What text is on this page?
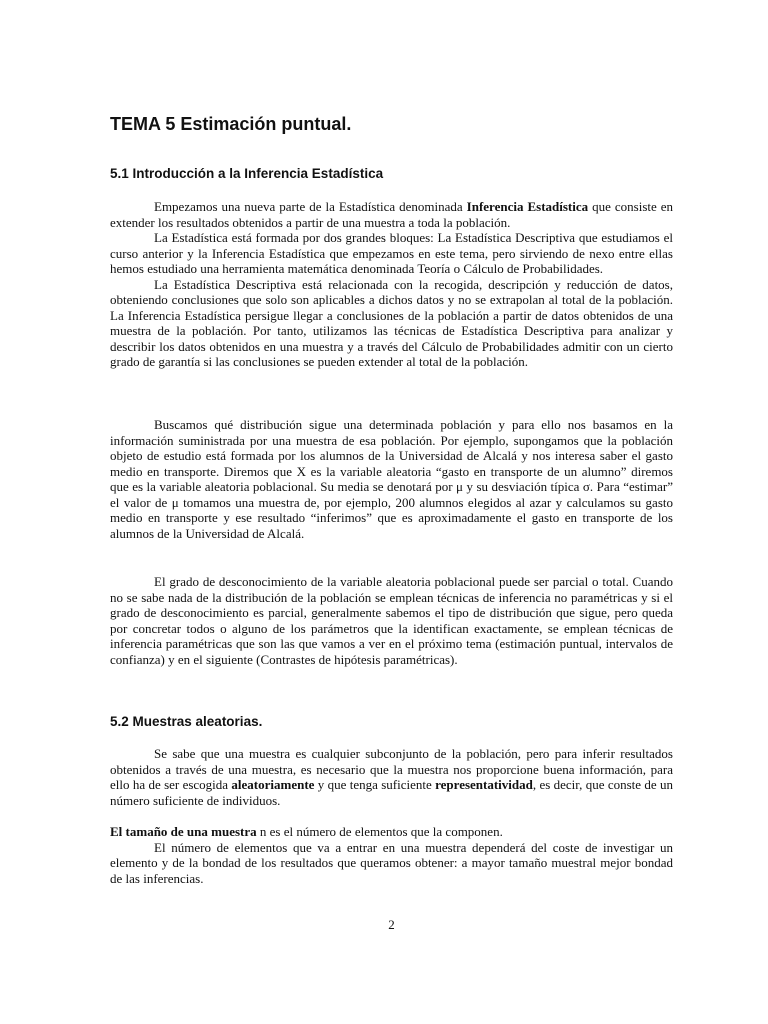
TEMA 5 Estimación puntual.
5.1 Introducción a la Inferencia Estadística

Empezamos una nueva parte de la Estadística denominada Inferencia Estadística que consiste en extender los resultados obtenidos a partir de una muestra a toda la población.

La Estadística está formada por dos grandes bloques: La Estadística Descriptiva que estudiamos el curso anterior y la Inferencia Estadística que empezamos en este tema, pero sirviendo de nexo entre ellas hemos estudiado una herramienta matemática denominada Teoría o Cálculo de Probabilidades.

La Estadística Descriptiva está relacionada con la recogida, descripción y reducción de datos, obteniendo conclusiones que solo son aplicables a dichos datos y no se extrapolan al total de la población. La Inferencia Estadística persigue llegar a conclusiones de la población a partir de datos obtenidos de una muestra de la población. Por tanto, utilizamos las técnicas de Estadística Descriptiva para analizar y describir los datos obtenidos en una muestra y a través del Cálculo de Probabilidades admitir con un cierto grado de garantía si las conclusiones se pueden extender al total de la población.

Buscamos qué distribución sigue una determinada población y para ello nos basamos en la información suministrada por una muestra de esa población. Por ejemplo, supongamos que la población objeto de estudio está formada por los alumnos de la Universidad de Alcalá y nos interesa saber el gasto medio en transporte. Diremos que X es la variable aleatoria “gasto en transporte de un alumno” diremos que es la variable aleatoria poblacional. Su media se denotará por μ y su desviación típica σ. Para “estimar” el valor de μ tomamos una muestra de, por ejemplo, 200 alumnos elegidos al azar y calculamos su gasto medio en transporte y ese resultado “inferimos” que es aproximadamente el gasto en transporte de los alumnos de la Universidad de Alcalá.

El grado de desconocimiento de la variable aleatoria poblacional puede ser parcial o total. Cuando no se sabe nada de la distribución de la población se emplean técnicas de inferencia no paramétricas y si el grado de desconocimiento es parcial, generalmente sabemos el tipo de distribución que sigue, pero queda por concretar todos o alguno de los parámetros que la identifican exactamente, se emplean técnicas de inferencia paramétricas que son las que vamos a ver en el próximo tema (estimación puntual, intervalos de confianza) y en el siguiente (Contrastes de hipótesis paramétricas).

5.2 Muestras aleatorias.

Se sabe que una muestra es cualquier subconjunto de la población, pero para inferir resultados obtenidos a través de una muestra, es necesario que la muestra nos proporcione buena información, para ello ha de ser escogida aleatoriamente y que tenga suficiente representatividad, es decir, que conste de un número suficiente de individuos.

El tamaño de una muestra n es el número de elementos que la componen.

El número de elementos que va a entrar en una muestra dependerá del coste de investigar un elemento y de la bondad de los resultados que queramos obtener: a mayor tamaño muestral mejor bondad de las inferencias.

2
